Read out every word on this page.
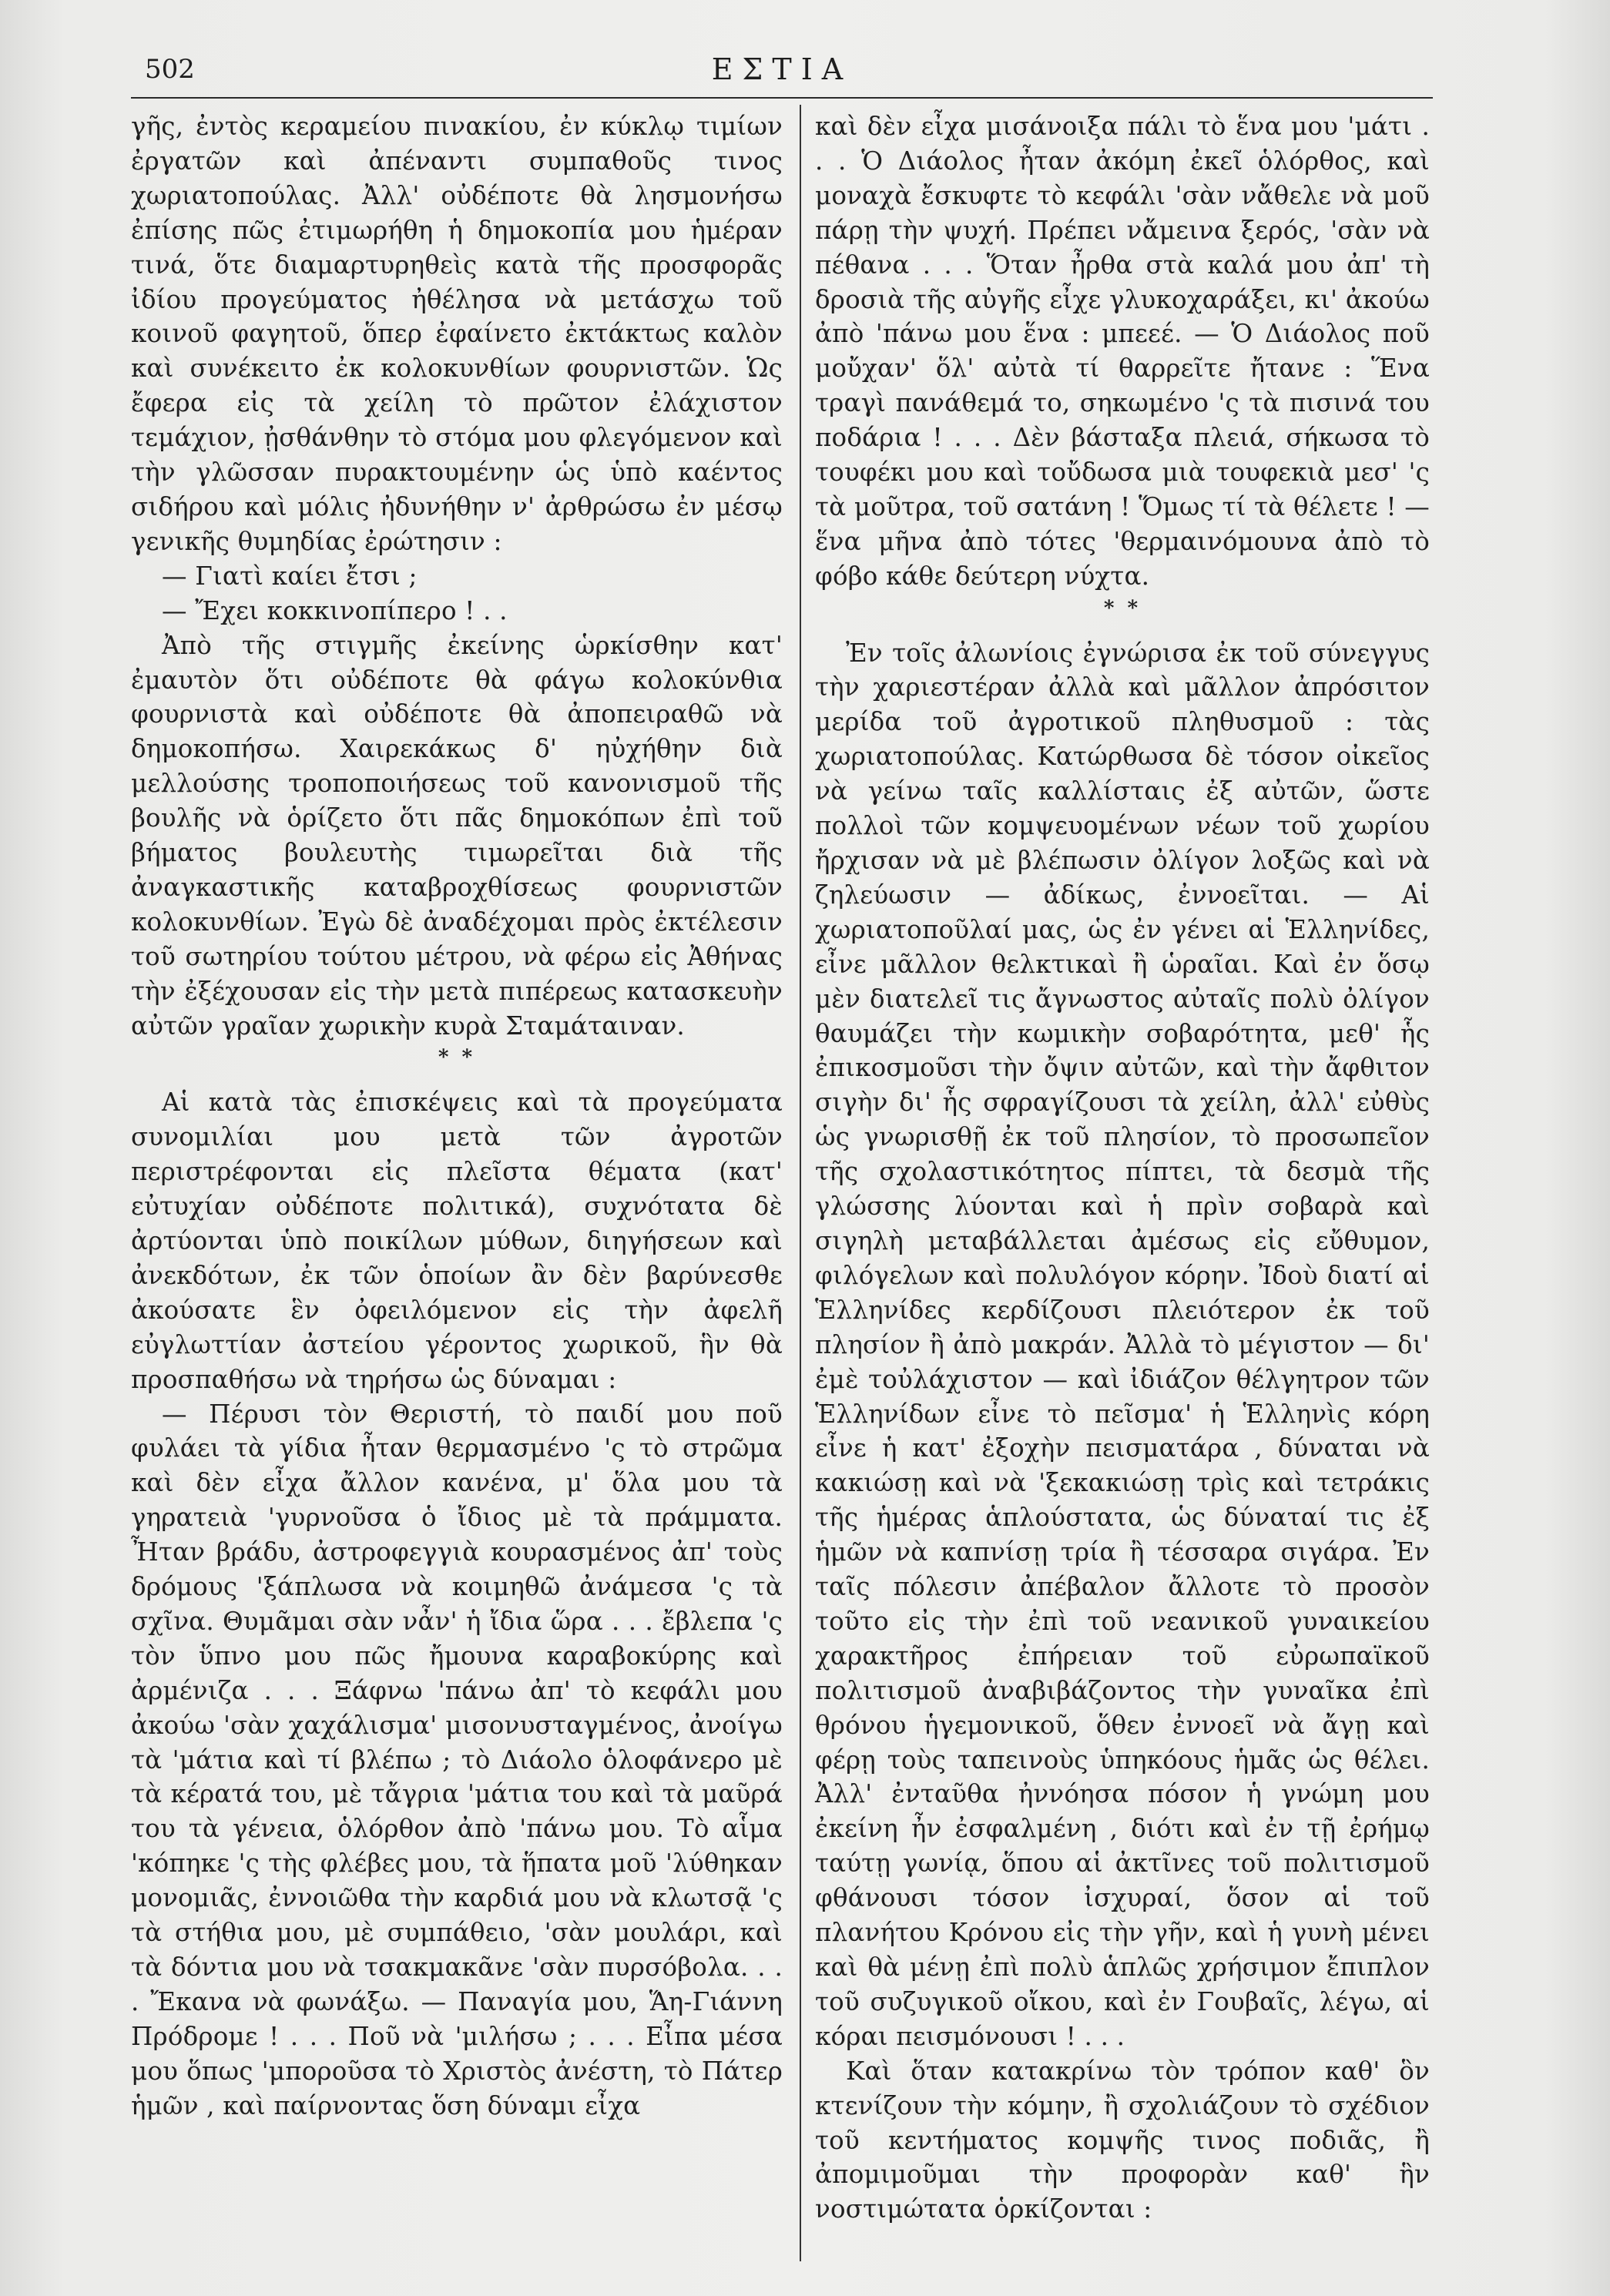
502	ΕΣΤΙΑ

γῆς, ἐντὸς κεραμείου πινακίου, ἐν κύκλῳ τιμίων ἐργατῶν καὶ ἀπέναντι συμπαθοῦς τινος χωριατοπούλας. Ἀλλ' οὐδέποτε θὰ λησμονήσω ἐπίσης πῶς ἐτιμωρήθη ἡ δημοκοπία μου ἡμέραν τινά, ὅτε διαμαρτυρηθεὶς κατὰ τῆς προσφορᾶς ἰδίου προγεύματος ἠθέλησα νὰ μετάσχω τοῦ κοινοῦ φαγητοῦ, ὅπερ ἐφαίνετο ἐκτάκτως καλὸν καὶ συνέκειτο ἐκ κολοκυνθίων φουρνιστῶν. Ὡς ἔφερα εἰς τὰ χείλη τὸ πρῶτον ἐλάχιστον τεμάχιον, ᾐσθάνθην τὸ στόμα μου φλεγόμενον καὶ τὴν γλῶσσαν πυρακτουμένην ὡς ὑπὸ καέντος σιδήρου καὶ μόλις ἠδυνήθην ν' ἀρθρώσω ἐν μέσῳ γενικῆς θυμηδίας ἐρώτησιν :

— Γιατὶ καίει ἔτσι ;

— Ἔχει κοκκινοπίπερο ! . .

Ἀπὸ τῆς στιγμῆς ἐκείνης ὡρκίσθην κατ' ἐμαυτὸν ὅτι οὐδέποτε θὰ φάγω κολοκύνθια φουρνιστὰ καὶ οὐδέποτε θὰ ἀποπειραθῶ νὰ δημοκοπήσω. Χαιρεκάκως δ' ηὐχήθην διὰ μελλούσης τροποποιήσεως τοῦ κανονισμοῦ τῆς βουλῆς νὰ ὁρίζετο ὅτι πᾶς δημοκόπων ἐπὶ τοῦ βήματος βουλευτὴς τιμωρεῖται διὰ τῆς ἀναγκαστικῆς καταβροχθίσεως φουρνιστῶν κολοκυνθίων. Ἐγὼ δὲ ἀναδέχομαι πρὸς ἐκτέλεσιν τοῦ σωτηρίου τούτου μέτρου, νὰ φέρω εἰς Ἀθήνας τὴν ἐξέχουσαν εἰς τὴν μετὰ πιπέρεως κατασκευὴν αὐτῶν γραῖαν χωρικὴν κυρὰ Σταμάταιναν.

* *

Αἱ κατὰ τὰς ἐπισκέψεις καὶ τὰ προγεύματα συνομιλίαι μου μετὰ τῶν ἀγροτῶν περιστρέφονται εἰς πλεῖστα θέματα (κατ' εὐτυχίαν οὐδέποτε πολιτικά), συχνότατα δὲ ἀρτύονται ὑπὸ ποικίλων μύθων, διηγήσεων καὶ ἀνεκδότων, ἐκ τῶν ὁποίων ἂν δὲν βαρύνεσθε ἀκούσατε ἓν ὀφειλόμενον εἰς τὴν ἀφελῆ εὐγλωττίαν ἀστείου γέροντος χωρικοῦ, ἣν θὰ προσπαθήσω νὰ τηρήσω ὡς δύναμαι :

— Πέρυσι τὸν Θεριστή, τὸ παιδί μου ποῦ φυλάει τὰ γίδια ἦταν θερμασμένο 'ς τὸ στρῶμα καὶ δὲν εἶχα ἄλλον κανένα, μ' ὅλα μου τὰ γηρατειὰ 'γυρνοῦσα ὁ ἴδιος μὲ τὰ πράμματα. Ἦταν βράδυ, ἀστροφεγγιὰ κουρασμένος ἀπ' τοὺς δρόμους 'ξάπλωσα νὰ κοιμηθῶ ἀνάμεσα 'ς τὰ σχῖνα. Θυμᾶμαι σὰν νἆν' ἡ ἴδια ὥρα . . . ἔβλεπα 'ς τὸν ὕπνο μου πῶς ἤμουνα καραβοκύρης καὶ ἀρμένιζα . . . Ξάφνω 'πάνω ἀπ' τὸ κεφάλι μου ἀκούω 'σὰν χαχάλισμα' μισονυσταγμένος, ἀνοίγω τὰ 'μάτια καὶ τί βλέπω ; τὸ Διάολο ὁλοφάνερο μὲ τὰ κέρατά του, μὲ τἄγρια 'μάτια του καὶ τὰ μαῦρά του τὰ γένεια, ὁλόρθον ἀπὸ 'πάνω μου. Τὸ αἷμα 'κόπηκε 'ς τὴς φλέβες μου, τὰ ἥπατα μοῦ 'λύθηκαν μονομιᾶς, ἐννοιῶθα τὴν καρδιά μου νὰ κλωτσᾷ 'ς τὰ στήθια μου, μὲ συμπάθειο, 'σὰν μουλάρι, καὶ τὰ δόντια μου νὰ τσακμακᾶνε 'σὰν πυρσόβολα. . . . Ἔκανα νὰ φωνάξω. — Παναγία μου, Ἅη-Γιάννη Πρόδρομε ! . . . Ποῦ νὰ 'μιλήσω ; . . . Εἶπα μέσα μου ὅπως 'μποροῦσα τὸ Χριστὸς ἀνέστη, τὸ Πάτερ ἡμῶν , καὶ παίρνοντας ὅση δύναμι εἶχα

καὶ δὲν εἶχα μισάνοιξα πάλι τὸ ἕνα μου 'μάτι . . . Ὁ Διάολος ἦταν ἀκόμη ἐκεῖ ὁλόρθος, καὶ μοναχὰ ἔσκυφτε τὸ κεφάλι 'σὰν νἄθελε νὰ μοῦ πάρῃ τὴν ψυχή. Πρέπει νἄμεινα ξερός, 'σὰν νὰ πέθανα . . . Ὅταν ἦρθα στὰ καλά μου ἀπ' τὴ δροσιὰ τῆς αὐγῆς εἶχε γλυκοχαράξει, κι' ἀκούω ἀπὸ 'πάνω μου ἕνα : μπεεέ. — Ὁ Διάολος ποῦ μοὔχαν' ὅλ' αὐτὰ τί θαρρεῖτε ἤτανε : Ἕνα τραγὶ πανάθεμά το, σηκωμένο 'ς τὰ πισινά του ποδάρια ! . . . Δὲν βάσταξα πλειά, σήκωσα τὸ τουφέκι μου καὶ τοὔδωσα μιὰ τουφεκιὰ μεσ' 'ς τὰ μοῦτρα, τοῦ σατάνη ! Ὅμως τί τὰ θέλετε ! — ἕνα μῆνα ἀπὸ τότες 'θερμαινόμουνα ἀπὸ τὸ φόβο κάθε δεύτερη νύχτα.

* *

Ἐν τοῖς ἀλωνίοις ἐγνώρισα ἐκ τοῦ σύνεγγυς τὴν χαριεστέραν ἀλλὰ καὶ μᾶλλον ἀπρόσιτον μερίδα τοῦ ἀγροτικοῦ πληθυσμοῦ : τὰς χωριατοπούλας. Κατώρθωσα δὲ τόσον οἰκεῖος νὰ γείνω ταῖς καλλίσταις ἐξ αὐτῶν, ὥστε πολλοὶ τῶν κομψευομένων νέων τοῦ χωρίου ἤρχισαν νὰ μὲ βλέπωσιν ὀλίγον λοξῶς καὶ νὰ ζηλεύωσιν — ἀδίκως, ἐννοεῖται. — Αἱ χωριατοποῦλαί μας, ὡς ἐν γένει αἱ Ἑλληνίδες, εἶνε μᾶλλον θελκτικαὶ ἢ ὡραῖαι. Καὶ ἐν ὅσῳ μὲν διατελεῖ τις ἄγνωστος αὐταῖς πολὺ ὀλίγον θαυμάζει τὴν κωμικὴν σοβαρότητα, μεθ' ἧς ἐπικοσμοῦσι τὴν ὄψιν αὐτῶν, καὶ τὴν ἄφθιτον σιγὴν δι' ἧς σφραγίζουσι τὰ χείλη, ἀλλ' εὐθὺς ὡς γνωρισθῇ ἐκ τοῦ πλησίον, τὸ προσωπεῖον τῆς σχολαστικότητος πίπτει, τὰ δεσμὰ τῆς γλώσσης λύονται καὶ ἡ πρὶν σοβαρὰ καὶ σιγηλὴ μεταβάλλεται ἀμέσως εἰς εὔθυμον, φιλόγελων καὶ πολυλόγον κόρην. Ἰδοὺ διατί αἱ Ἑλληνίδες κερδίζουσι πλειότερον ἐκ τοῦ πλησίον ἢ ἀπὸ μακράν. Ἀλλὰ τὸ μέγιστον — δι' ἐμὲ τοὐλάχιστον — καὶ ἰδιάζον θέλγητρον τῶν Ἑλληνίδων εἶνε τὸ πεῖσμα' ἡ Ἑλληνὶς κόρη εἶνε ἡ κατ' ἐξοχὴν πεισματάρα , δύναται νὰ κακιώσῃ καὶ νὰ 'ξεκακιώσῃ τρὶς καὶ τετράκις τῆς ἡμέρας ἁπλούστατα, ὡς δύναταί τις ἐξ ἡμῶν νὰ καπνίσῃ τρία ἢ τέσσαρα σιγάρα. Ἐν ταῖς πόλεσιν ἀπέβαλον ἄλλοτε τὸ προσὸν τοῦτο εἰς τὴν ἐπὶ τοῦ νεανικοῦ γυναικείου χαρακτῆρος ἐπήρειαν τοῦ εὐρωπαϊκοῦ πολιτισμοῦ ἀναβιβάζοντος τὴν γυναῖκα ἐπὶ θρόνου ἡγεμονικοῦ, ὅθεν ἐννοεῖ νὰ ἄγῃ καὶ φέρῃ τοὺς ταπεινοὺς ὑπηκόους ἡμᾶς ὡς θέλει. Ἀλλ' ἐνταῦθα ἠννόησα πόσον ἡ γνώμη μου ἐκείνη ἦν ἐσφαλμένη , διότι καὶ ἐν τῇ ἐρήμῳ ταύτῃ γωνίᾳ, ὅπου αἱ ἀκτῖνες τοῦ πολιτισμοῦ φθάνουσι τόσον ἰσχυραί, ὅσον αἱ τοῦ πλανήτου Κρόνου εἰς τὴν γῆν, καὶ ἡ γυνὴ μένει καὶ θὰ μένῃ ἐπὶ πολὺ ἁπλῶς χρήσιμον ἔπιπλον τοῦ συζυγικοῦ οἴκου, καὶ ἐν Γουβαῖς, λέγω, αἱ κόραι πεισμόνουσι ! . . .

Καὶ ὅταν κατακρίνω τὸν τρόπον καθ' ὃν κτενίζουν τὴν κόμην, ἢ σχολιάζουν τὸ σχέδιον τοῦ κεντήματος κομψῆς τινος ποδιᾶς, ἢ ἀπομιμοῦμαι τὴν προφορὰν καθ' ἣν νοστιμώτατα ὁρκίζονται :
